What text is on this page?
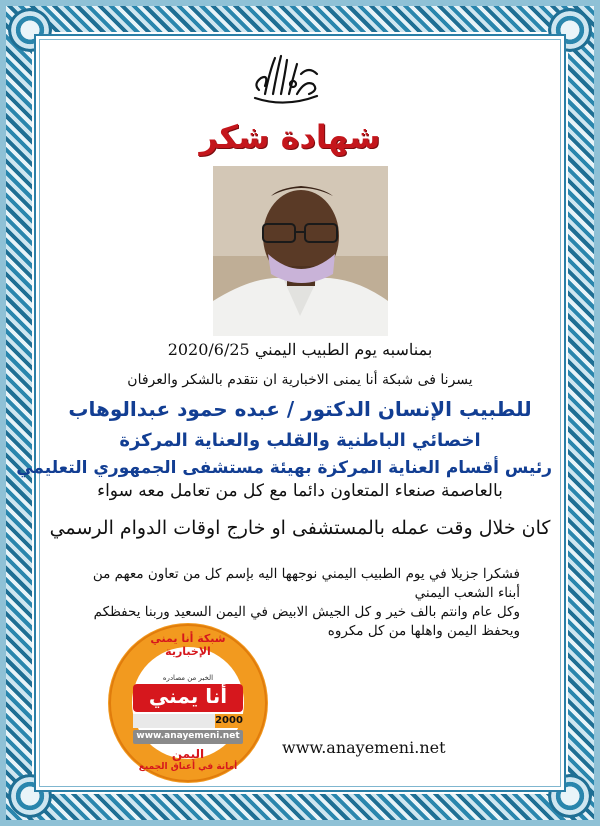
شهادة شكر
بمناسبه يوم الطبيب اليمني 2020/6/25
يسرنا فى شبكة أنا يمنى الاخبارية ان نتقدم بالشكر والعرفان
للطبيب الإنسان الدكتور / عبده حمود عبدالوهاب
اخصائي الباطنية والقلب والعناية المركزة
رئيس أقسام العناية المركزة بهيئة مستشفى الجمهوري التعليمي
بالعاصمة صنعاء المتعاون دائما مع كل من تعامل معه سواء
كان خلال وقت عمله بالمستشفى او خارج اوقات الدوام الرسمي
فشكرا جزيلا في يوم الطبيب اليمني نوجهها اليه بإسم كل من تعاون معهم من أبناء الشعب اليمني
وكل عام وانتم بالف خير و كل الجيش الابيض في اليمن السعيد وربنا يحفظكم ويحفظ اليمن واهلها من كل مكروه
شبكة أنا يمني الإخبارية
أنا يمني
الخبر من مصادره
2000
www.anayemeni.net
اليمن
أمانة في أعناق الجميع
www.anayemeni.net
